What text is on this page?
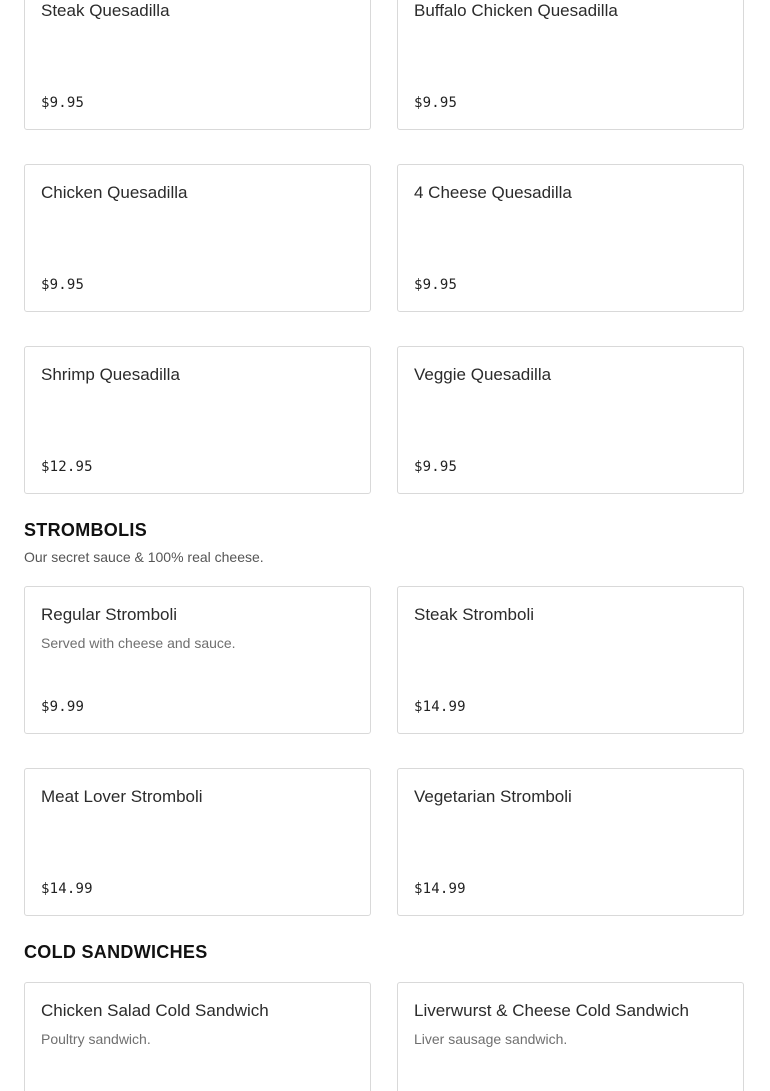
Steak Quesadilla
$9.95
Buffalo Chicken Quesadilla
$9.95
Chicken Quesadilla
$9.95
4 Cheese Quesadilla
$9.95
Shrimp Quesadilla
$12.95
Veggie Quesadilla
$9.95
STROMBOLIS
Our secret sauce & 100% real cheese.
Regular Stromboli
Served with cheese and sauce.
$9.99
Steak Stromboli
$14.99
Meat Lover Stromboli
$14.99
Vegetarian Stromboli
$14.99
COLD SANDWICHES
Chicken Salad Cold Sandwich
Poultry sandwich.
Liverwurst & Cheese Cold Sandwich
Liver sausage sandwich.
